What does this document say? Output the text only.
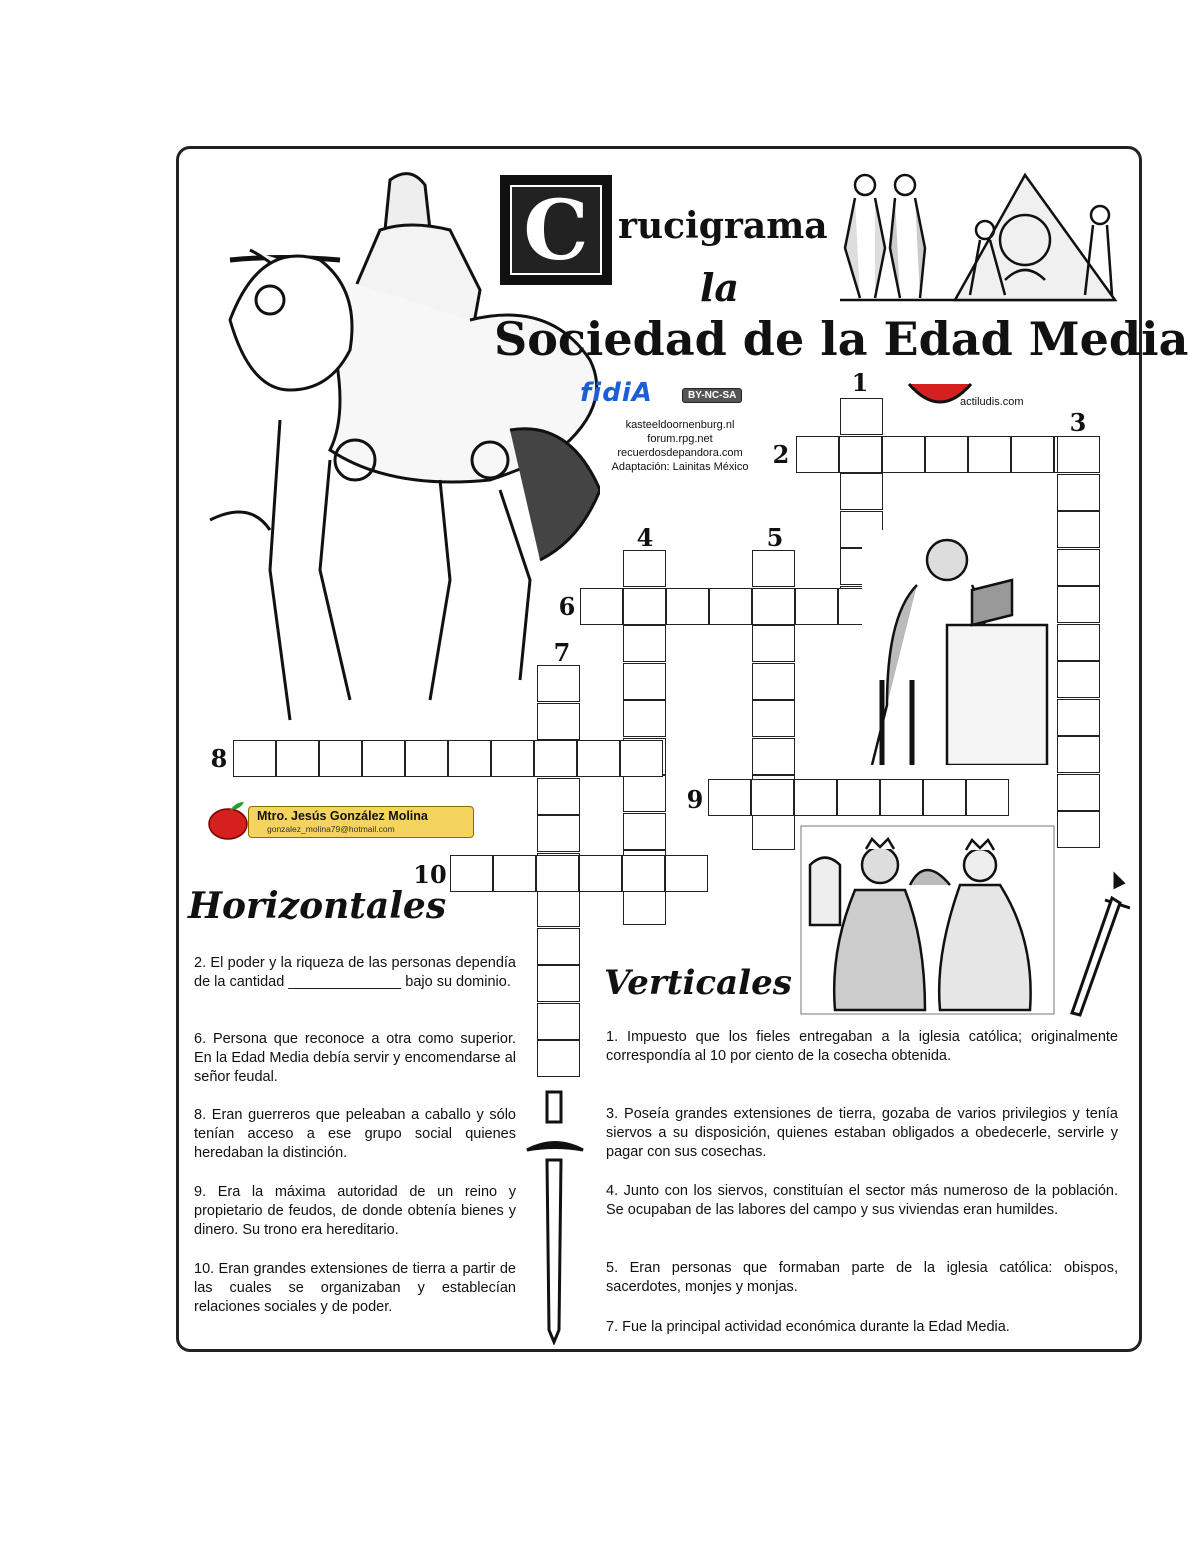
C rucigrama
la
Sociedad de la Edad Media
fidiA	BY-NC-SA
actiludis.com
kasteeldoornenburg.nl
forum.rpg.net
recuerdosdepandora.com
Adaptación: Lainitas México
1
2
3
4	5
6
7
8
9
10
Mtro. Jesús González Molina
gonzalez_molina79@hotmail.com
Horizontales
Verticales
2. El poder y la riqueza de las personas dependía de la cantidad ______________ bajo su dominio.
6. Persona que reconoce a otra como superior. En la Edad Media debía servir y encomendarse al señor feudal.
8. Eran guerreros que peleaban a caballo y sólo tenían acceso a ese grupo social quienes heredaban la distinción.
9. Era la máxima autoridad de un reino y propietario de feudos, de donde obtenía bienes y dinero. Su trono era hereditario.
10. Eran grandes extensiones de tierra a partir de las cuales se organizaban y establecían relaciones sociales y de poder.
1. Impuesto que los fieles entregaban a la iglesia católica; originalmente correspondía al 10 por ciento de la cosecha obtenida.
3. Poseía grandes extensiones de tierra, gozaba de varios privilegios y tenía siervos a su disposición, quienes estaban obligados a obedecerle, servirle y pagar con sus cosechas.
4. Junto con los siervos, constituían el sector más numeroso de la población. Se ocupaban de las labores del campo y sus viviendas eran humildes.
5. Eran personas que formaban parte de la iglesia católica: obispos, sacerdotes, monjes y monjas.
7. Fue la principal actividad económica durante la Edad Media.
